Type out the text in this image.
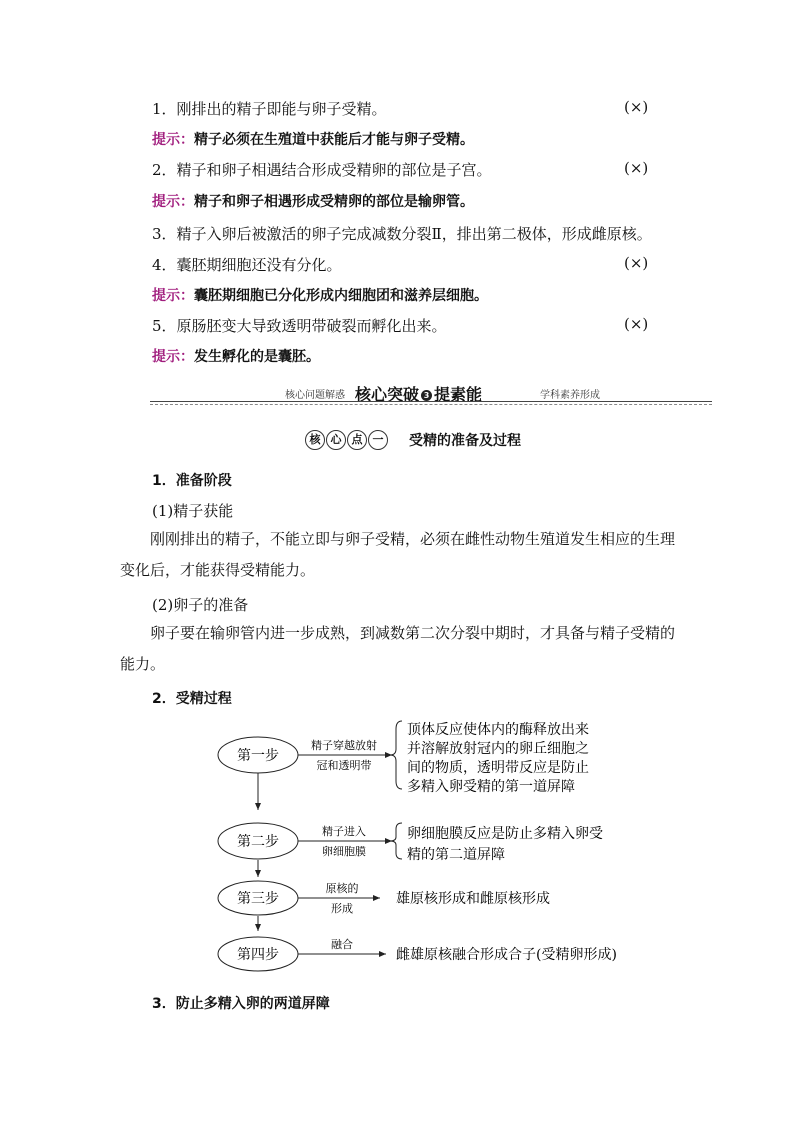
1．刚排出的精子即能与卵子受精。	(×)
提示：精子必须在生殖道中获能后才能与卵子受精。
2．精子和卵子相遇结合形成受精卵的部位是子宫。	(×)
提示：精子和卵子相遇形成受精卵的部位是输卵管。
3．精子入卵后被激活的卵子完成减数分裂Ⅱ，排出第二极体，形成雌原核。
4．囊胚期细胞还没有分化。	(×)
提示：囊胚期细胞已分化形成内细胞团和滋养层细胞。
5．原肠胚变大导致透明带破裂而孵化出来。	(×)
提示：发生孵化的是囊胚。
核心问题解惑 核心突破 3 提素能	学科素养形成
核 心 点 一	受精的准备及过程
1．准备阶段
(1)精子获能
刚刚排出的精子，不能立即与卵子受精，必须在雌性动物生殖道发生相应的生理变化后，才能获得受精能力。
(2)卵子的准备
卵子要在输卵管内进一步成熟，到减数第二次分裂中期时，才具备与精子受精的能力。
2．受精过程
第一步
精子穿越放射
冠和透明带
顶体反应使体内的酶释放出来
并溶解放射冠内的卵丘细胞之
间的物质，透明带反应是防止
多精入卵受精的第一道屏障
第二步
精子进入
卵细胞膜
卵细胞膜反应是防止多精入卵受
精的第二道屏障
第三步
原核的
形成
雄原核形成和雌原核形成
第四步
融合
雌雄原核融合形成合子(受精卵形成)
3．防止多精入卵的两道屏障
